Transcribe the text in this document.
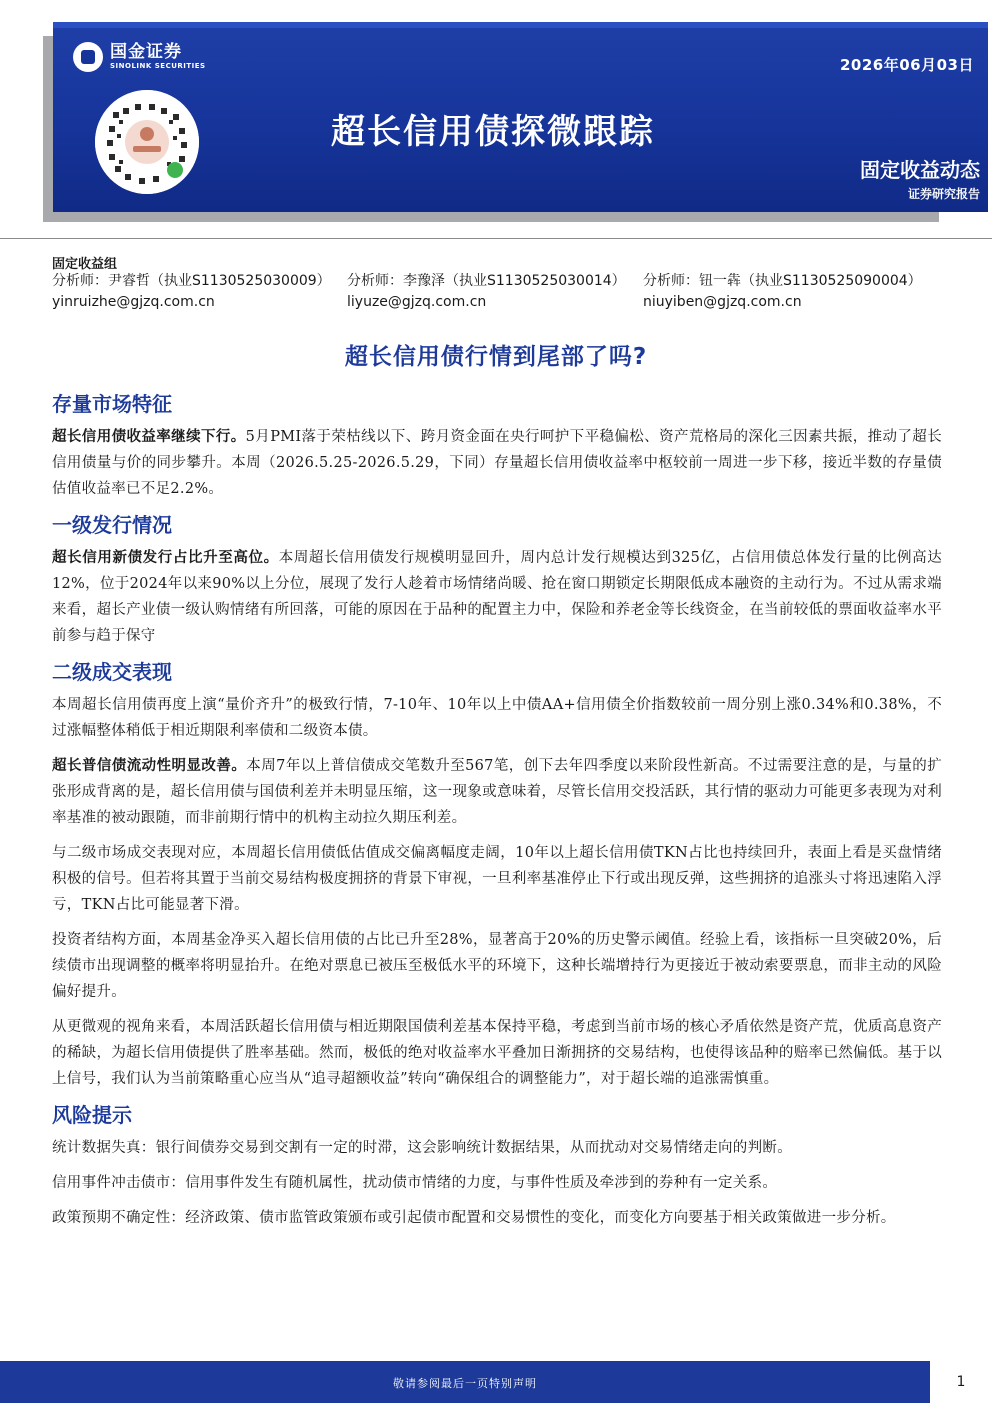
国金证券
SINOLINK SECURITIES	2026年06月03日
超长信用债探微跟踪
固定收益动态
证券研究报告
固定收益组
分析师：尹睿哲（执业S1130525030009）
yinruizhe@gjzq.com.cn
分析师：李豫泽（执业S1130525030014）
liyuze@gjzq.com.cn
分析师：钮一犇（执业S1130525090004）
niuyiben@gjzq.com.cn
超长信用债行情到尾部了吗?
存量市场特征

超长信用债收益率继续下行。5月PMI落于荣枯线以下、跨月资金面在央行呵护下平稳偏松、资产荒格局的深化三因素共振，推动了超长信用债量与价的同步攀升。本周（2026.5.25-2026.5.29，下同）存量超长信用债收益率中枢较前一周进一步下移，接近半数的存量债估值收益率已不足2.2%。

一级发行情况

超长信用新债发行占比升至高位。本周超长信用债发行规模明显回升，周内总计发行规模达到325亿，占信用债总体发行量的比例高达12%，位于2024年以来90%以上分位，展现了发行人趁着市场情绪尚暖、抢在窗口期锁定长期限低成本融资的主动行为。不过从需求端来看，超长产业债一级认购情绪有所回落，可能的原因在于品种的配置主力中，保险和养老金等长线资金，在当前较低的票面收益率水平前参与趋于保守

二级成交表现

本周超长信用债再度上演“量价齐升”的极致行情，7-10年、10年以上中债AA+信用债全价指数较前一周分别上涨0.34%和0.38%，不过涨幅整体稍低于相近期限利率债和二级资本债。

超长普信债流动性明显改善。本周7年以上普信债成交笔数升至567笔，创下去年四季度以来阶段性新高。不过需要注意的是，与量的扩张形成背离的是，超长信用债与国债利差并未明显压缩，这一现象或意味着，尽管长信用交投活跃，其行情的驱动力可能更多表现为对利率基准的被动跟随，而非前期行情中的机构主动拉久期压利差。

与二级市场成交表现对应，本周超长信用债低估值成交偏离幅度走阔，10年以上超长信用债TKN占比也持续回升，表面上看是买盘情绪积极的信号。但若将其置于当前交易结构极度拥挤的背景下审视，一旦利率基准停止下行或出现反弹，这些拥挤的追涨头寸将迅速陷入浮亏，TKN占比可能显著下滑。

投资者结构方面，本周基金净买入超长信用债的占比已升至28%，显著高于20%的历史警示阈值。经验上看，该指标一旦突破20%，后续债市出现调整的概率将明显抬升。在绝对票息已被压至极低水平的环境下，这种长端增持行为更接近于被动索要票息，而非主动的风险偏好提升。

从更微观的视角来看，本周活跃超长信用债与相近期限国债利差基本保持平稳，考虑到当前市场的核心矛盾依然是资产荒，优质高息资产的稀缺，为超长信用债提供了胜率基础。然而，极低的绝对收益率水平叠加日渐拥挤的交易结构，也使得该品种的赔率已然偏低。基于以上信号，我们认为当前策略重心应当从“追寻超额收益”转向“确保组合的调整能力”，对于超长端的追涨需慎重。

风险提示

统计数据失真：银行间债券交易到交割有一定的时滞，这会影响统计数据结果，从而扰动对交易情绪走向的判断。

信用事件冲击债市：信用事件发生有随机属性，扰动债市情绪的力度，与事件性质及牵涉到的券种有一定关系。

政策预期不确定性：经济政策、债市监管政策颁布或引起债市配置和交易惯性的变化，而变化方向要基于相关政策做进一步分析。

敬请参阅最后一页特别声明	1
